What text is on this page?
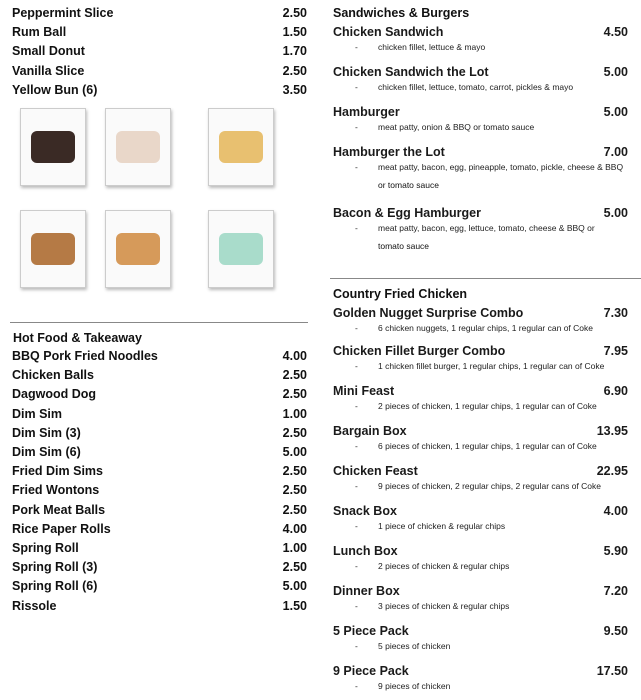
Peppermint Slice	2.50
Rum Ball	1.50
Small Donut	1.70
Vanilla Slice	2.50
Yellow Bun (6)	3.50
Hot Food & Takeaway
BBQ Pork Fried Noodles	4.00
Chicken Balls	2.50
Dagwood Dog	2.50
Dim Sim	1.00
Dim Sim (3)	2.50
Dim Sim (6)	5.00
Fried Dim Sims	2.50
Fried Wontons	2.50
Pork Meat Balls	2.50
Rice Paper Rolls	4.00
Spring Roll	1.00
Spring Roll (3)	2.50
Spring Roll (6)	5.00
Rissole	1.50
Sandwiches & Burgers
Chicken Sandwich	4.50
- chicken fillet, lettuce & mayo
Chicken Sandwich the Lot	5.00
- chicken fillet, lettuce, tomato, carrot, pickles & mayo
Hamburger	5.00
- meat patty, onion & BBQ or tomato sauce
Hamburger the Lot	7.00
- meat patty, bacon, egg, pineapple, tomato, pickle, cheese & BBQ
or tomato sauce
Bacon & Egg Hamburger	5.00
- meat patty, bacon, egg, lettuce, tomato, cheese & BBQ or
tomato sauce
Country Fried Chicken
Golden Nugget Surprise Combo	7.30
- 6 chicken nuggets, 1 regular chips, 1 regular can of Coke
Chicken Fillet Burger Combo	7.95
- 1 chicken fillet burger, 1 regular chips, 1 regular can of Coke
Mini Feast	6.90
- 2 pieces of chicken, 1 regular chips, 1 regular can of Coke
Bargain Box	13.95
- 6 pieces of chicken, 1 regular chips, 1 regular can of Coke
Chicken Feast	22.95
- 9 pieces of chicken, 2 regular chips, 2 regular cans of Coke
Snack Box	4.00
- 1 piece of chicken & regular chips
Lunch Box	5.90
- 2 pieces of chicken & regular chips
Dinner Box	7.20
- 3 pieces of chicken & regular chips
5 Piece Pack	9.50
- 5 pieces of chicken
9 Piece Pack	17.50
- 9 pieces of chicken
